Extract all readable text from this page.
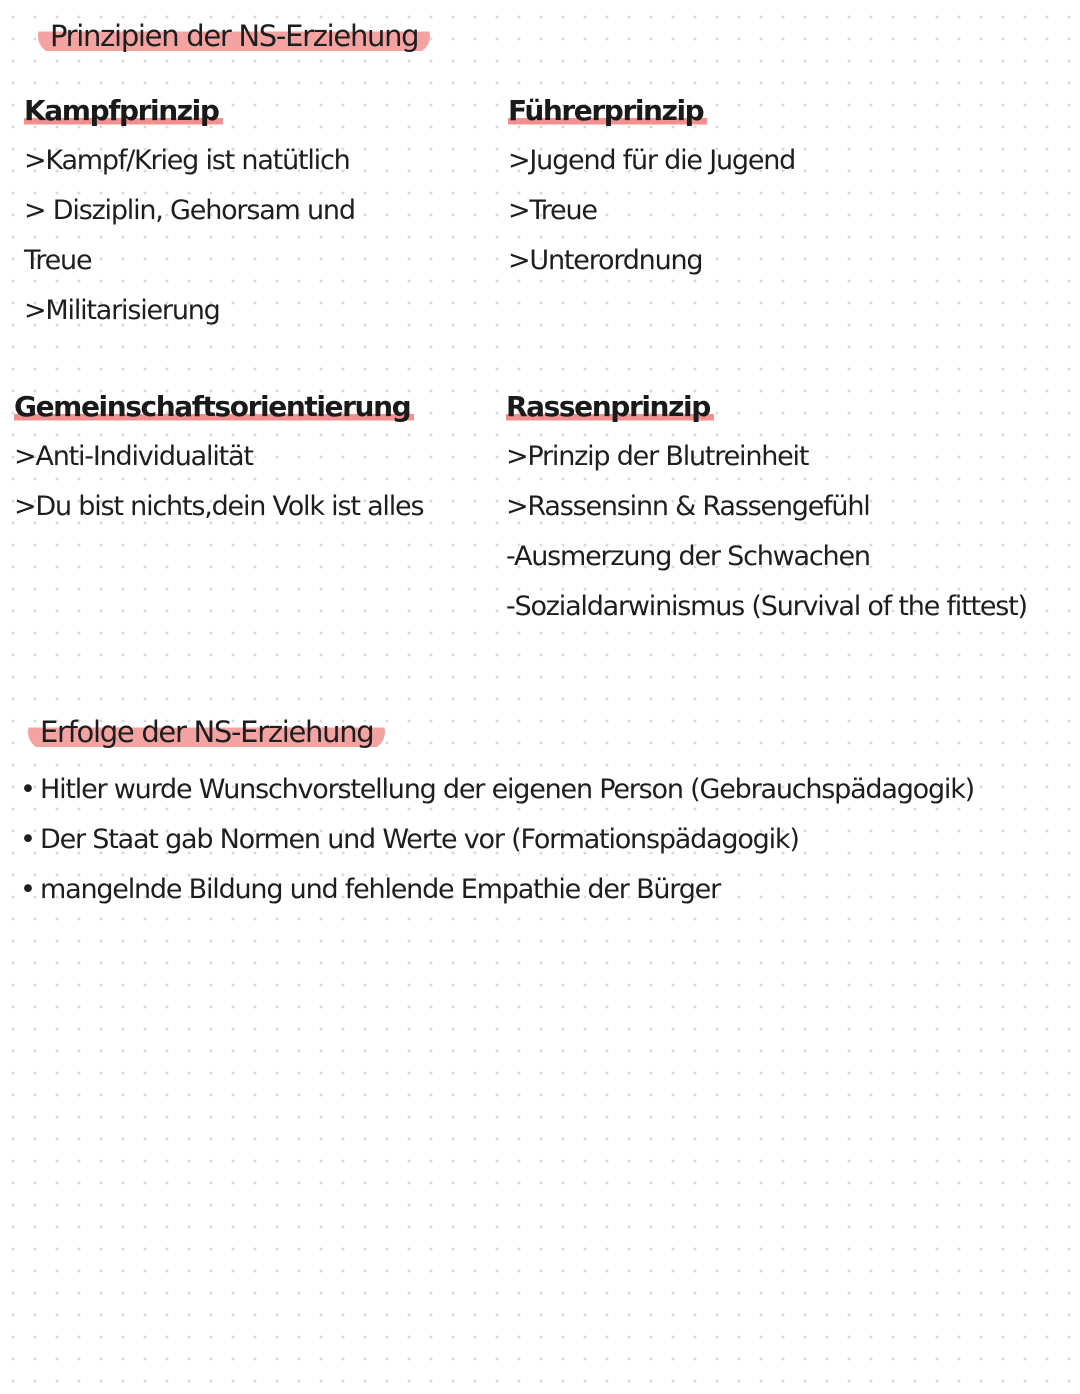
Prinzipien der NS-Erziehung
Kampfprinzip
>Kampf/Krieg ist natütlich
> Disziplin, Gehorsam und
Treue
>Militarisierung
Führerprinzip
>Jugend für die Jugend
>Treue
>Unterordnung
Gemeinschaftsorientierung
>Anti-Individualität
>Du bist nichts,dein Volk ist alles
Rassenprinzip
>Prinzip der Blutreinheit
>Rassensinn & Rassengefühl
-Ausmerzung der Schwachen
-Sozialdarwinismus (Survival of the fittest)
Erfolge der NS-Erziehung
• Hitler wurde Wunschvorstellung der eigenen Person (Gebrauchspädagogik)
• Der Staat gab Normen und Werte vor (Formationspädagogik)
• mangelnde Bildung und fehlende Empathie der Bürger
